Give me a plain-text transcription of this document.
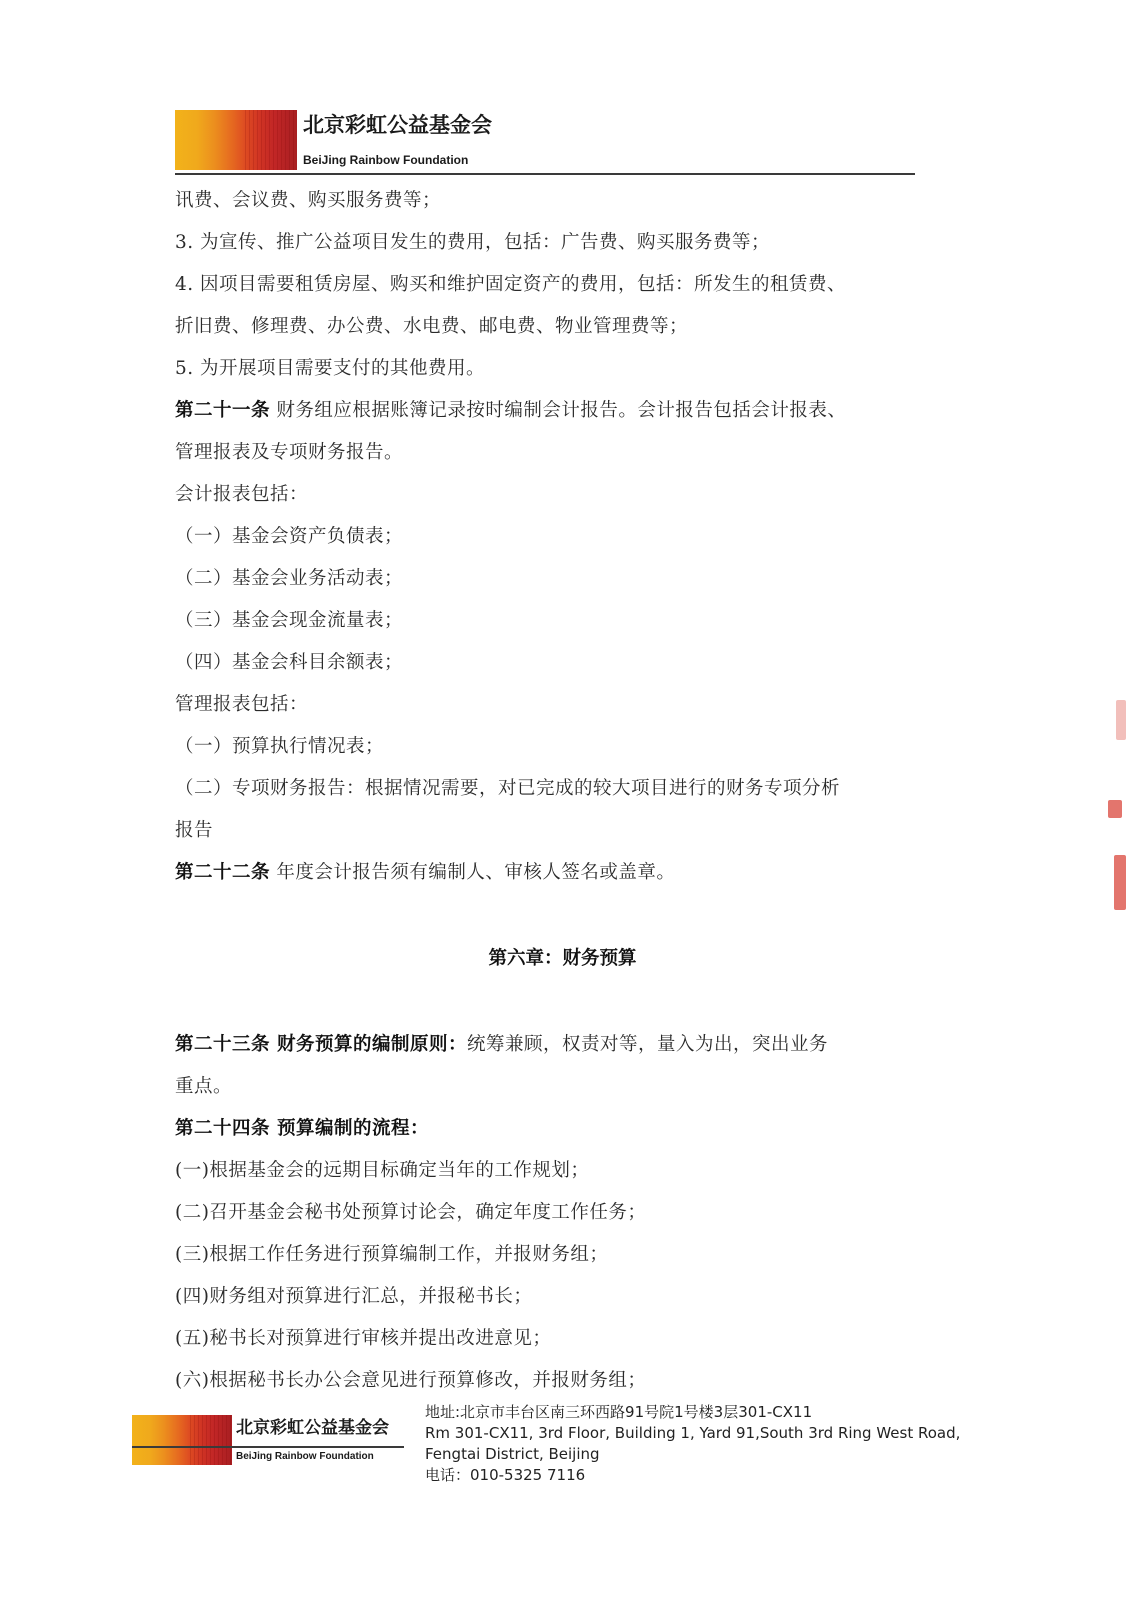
北京彩虹公益基金会
BeiJing Rainbow Foundation

讯费、会议费、购买服务费等；

3. 为宣传、推广公益项目发生的费用，包括：广告费、购买服务费等；

4. 因项目需要租赁房屋、购买和维护固定资产的费用，包括：所发生的租赁费、

折旧费、修理费、办公费、水电费、邮电费、物业管理费等；

5. 为开展项目需要支付的其他费用。

第二十一条 财务组应根据账簿记录按时编制会计报告。会计报告包括会计报表、

管理报表及专项财务报告。

会计报表包括：

（一）基金会资产负债表；

（二）基金会业务活动表；

（三）基金会现金流量表；

（四）基金会科目余额表；

管理报表包括：

（一）预算执行情况表；

（二）专项财务报告：根据情况需要，对已完成的较大项目进行的财务专项分析

报告

第二十二条 年度会计报告须有编制人、审核人签名或盖章。

第六章：财务预算

第二十三条 财务预算的编制原则：统筹兼顾，权责对等，量入为出，突出业务

重点。

第二十四条 预算编制的流程：

(一)根据基金会的远期目标确定当年的工作规划；

(二)召开基金会秘书处预算讨论会，确定年度工作任务；

(三)根据工作任务进行预算编制工作，并报财务组；

(四)财务组对预算进行汇总，并报秘书长；

(五)秘书长对预算进行审核并提出改进意见；

(六)根据秘书长办公会意见进行预算修改，并报财务组；

北京彩虹公益基金会
BeiJing Rainbow Foundation
地址:北京市丰台区南三环西路91号院1号楼3层301-CX11
Rm 301-CX11, 3rd Floor, Building 1, Yard 91,South 3rd Ring West Road,
Fengtai District, Beijing
电话：010-5325 7116
